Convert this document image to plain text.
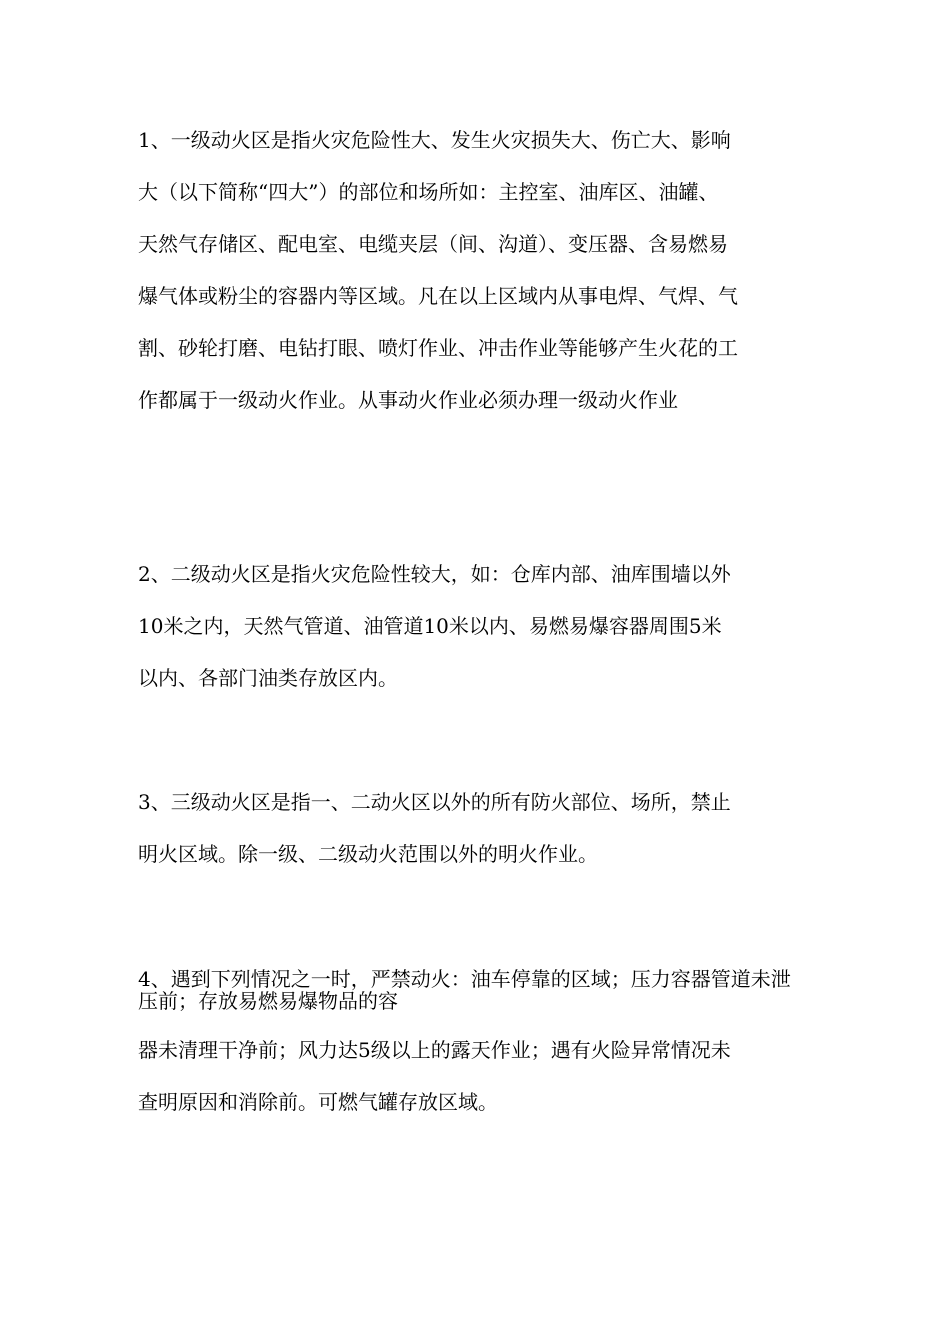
1、一级动火区是指火灾危险性大、发生火灾损失大、伤亡大、影响
大（以下简称“四大”）的部位和场所如：主控室、油库区、油罐、
天然气存储区、配电室、电缆夹层（间、沟道）、变压器、含易燃易
爆气体或粉尘的容器内等区域。凡在以上区域内从事电焊、气焊、气
割、砂轮打磨、电钻打眼、喷灯作业、冲击作业等能够产生火花的工
作都属于一级动火作业。从事动火作业必须办理一级动火作业
2、二级动火区是指火灾危险性较大，如：仓库内部、油库围墙以外
10米之内，天然气管道、油管道10米以内、易燃易爆容器周围5米
以内、各部门油类存放区内。
3、三级动火区是指一、二动火区以外的所有防火部位、场所，禁止
明火区域。除一级、二级动火范围以外的明火作业。
4、遇到下列情况之一时，严禁动火：油车停靠的区域；压力容器管道未泄压前；存放易燃易爆物品的容
器未清理干净前；风力达5级以上的露天作业；遇有火险异常情况未
查明原因和消除前。可燃气罐存放区域。
